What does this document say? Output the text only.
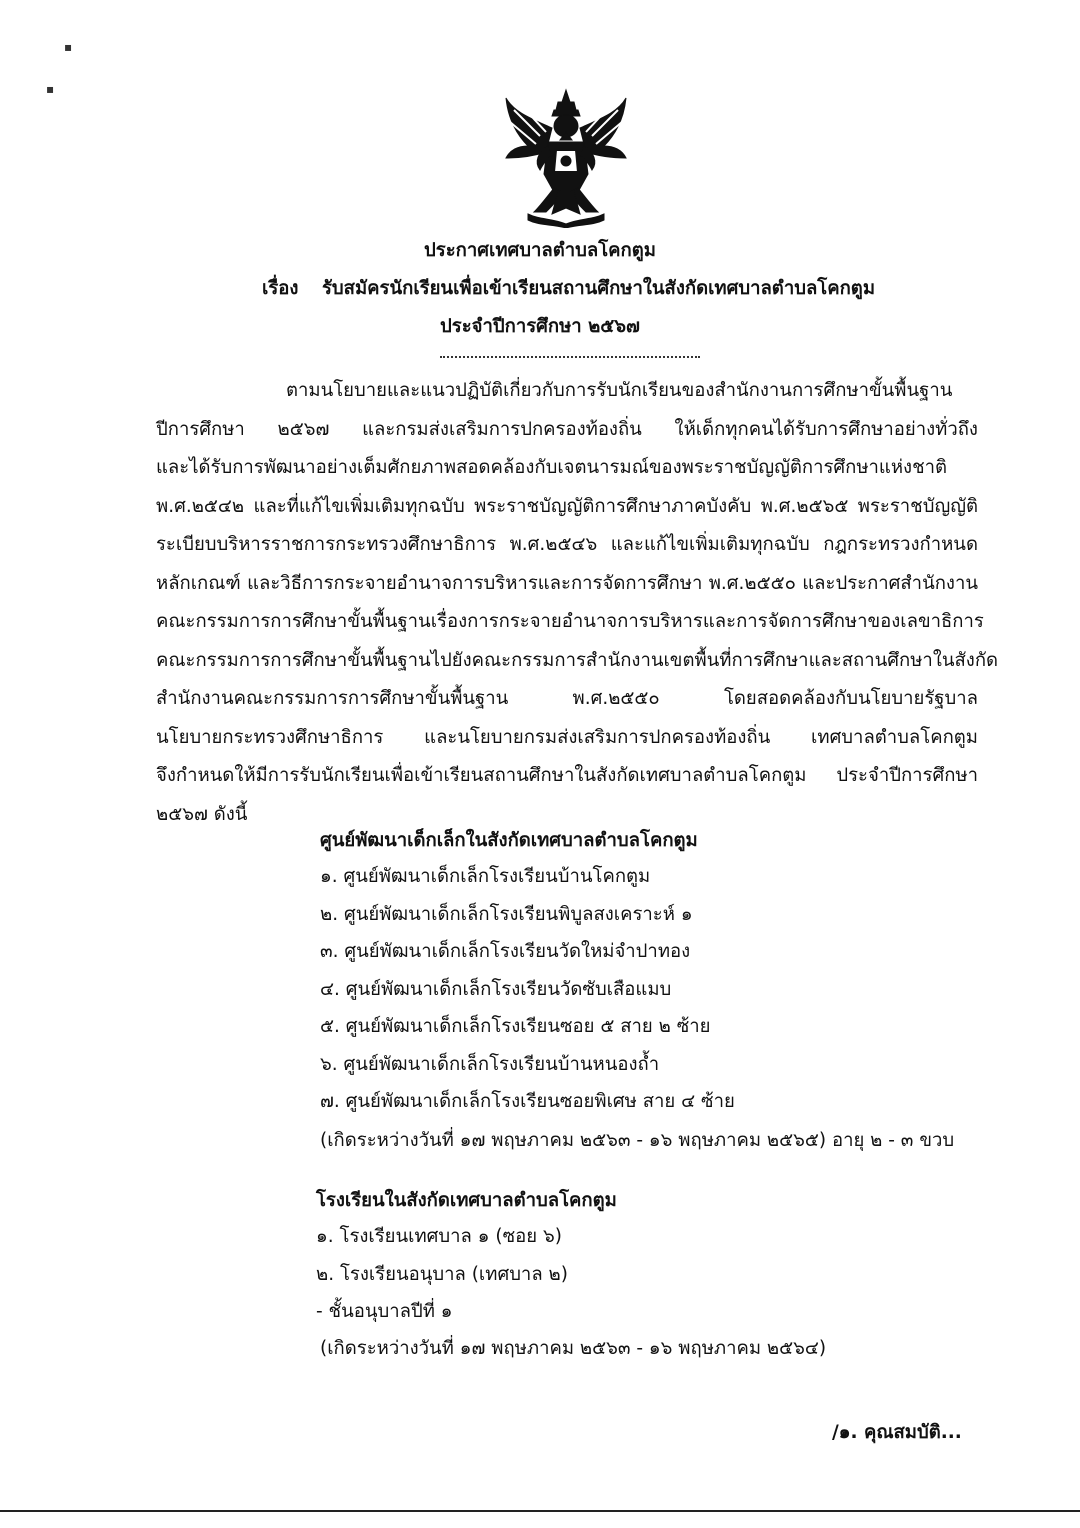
▪
▪
ประกาศเทศบาลตำบลโคกตูม
เรื่อง รับสมัครนักเรียนเพื่อเข้าเรียนสถานศึกษาในสังกัดเทศบาลตำบลโคกตูม
ประจำปีการศึกษา ๒๕๖๗
ตามนโยบายและแนวปฏิบัติเกี่ยวกับการรับนักเรียนของสำนักงานการศึกษาขั้นพื้นฐาน
ปีการศึกษา ๒๕๖๗ และกรมส่งเสริมการปกครองท้องถิ่น ให้เด็กทุกคนได้รับการศึกษาอย่างทั่วถึง
และได้รับการพัฒนาอย่างเต็มศักยภาพสอดคล้องกับเจตนารมณ์ของพระราชบัญญัติการศึกษาแห่งชาติ
พ.ศ.๒๕๔๒ และที่แก้ไขเพิ่มเติมทุกฉบับ พระราชบัญญัติการศึกษาภาคบังคับ พ.ศ.๒๕๖๕ พระราชบัญญัติ
ระเบียบบริหารราชการกระทรวงศึกษาธิการ พ.ศ.๒๕๔๖ และแก้ไขเพิ่มเติมทุกฉบับ กฎกระทรวงกำหนด
หลักเกณฑ์ และวิธีการกระจายอำนาจการบริหารและการจัดการศึกษา พ.ศ.๒๕๕๐ และประกาศสำนักงาน
คณะกรรมการการศึกษาขั้นพื้นฐาน เรื่องการกระจายอำนาจการบริหารและการจัดการศึกษาของเลขาธิการ
คณะกรรมการการศึกษาขั้นพื้นฐานไปยังคณะกรรมการสำนักงานเขตพื้นที่การศึกษา และสถานศึกษาในสังกัด
สำนักงานคณะกรรมการการศึกษาขั้นพื้นฐาน	พ.ศ.๒๕๕๐	โดยสอดคล้องกับนโยบายรัฐบาล
นโยบายกระทรวงศึกษาธิการ และนโยบายกรมส่งเสริมการปกครองท้องถิ่น เทศบาลตำบลโคกตูม
จึงกำหนดให้มีการรับนักเรียนเพื่อเข้าเรียนสถานศึกษาในสังกัดเทศบาลตำบลโคกตูม ประจำปีการศึกษา
๒๕๖๗ ดังนี้
ศูนย์พัฒนาเด็กเล็กในสังกัดเทศบาลตำบลโคกตูม
๑. ศูนย์พัฒนาเด็กเล็กโรงเรียนบ้านโคกตูม
๒. ศูนย์พัฒนาเด็กเล็กโรงเรียนพิบูลสงเคราะห์ ๑
๓. ศูนย์พัฒนาเด็กเล็กโรงเรียนวัดใหม่จำปาทอง
๔. ศูนย์พัฒนาเด็กเล็กโรงเรียนวัดซับเสือแมบ
๕. ศูนย์พัฒนาเด็กเล็กโรงเรียนซอย ๕ สาย ๒ ซ้าย
๖. ศูนย์พัฒนาเด็กเล็กโรงเรียนบ้านหนองถ้ำ
๗. ศูนย์พัฒนาเด็กเล็กโรงเรียนซอยพิเศษ สาย ๔ ซ้าย
(เกิดระหว่างวันที่ ๑๗ พฤษภาคม ๒๕๖๓ - ๑๖ พฤษภาคม ๒๕๖๕) อายุ ๒ - ๓ ขวบ
โรงเรียนในสังกัดเทศบาลตำบลโคกตูม
๑. โรงเรียนเทศบาล ๑ (ซอย ๖)
๒. โรงเรียนอนุบาล (เทศบาล ๒)
- ชั้นอนุบาลปีที่ ๑
(เกิดระหว่างวันที่ ๑๗ พฤษภาคม ๒๕๖๓ - ๑๖ พฤษภาคม ๒๕๖๔)
/๑. คุณสมบัติ...
